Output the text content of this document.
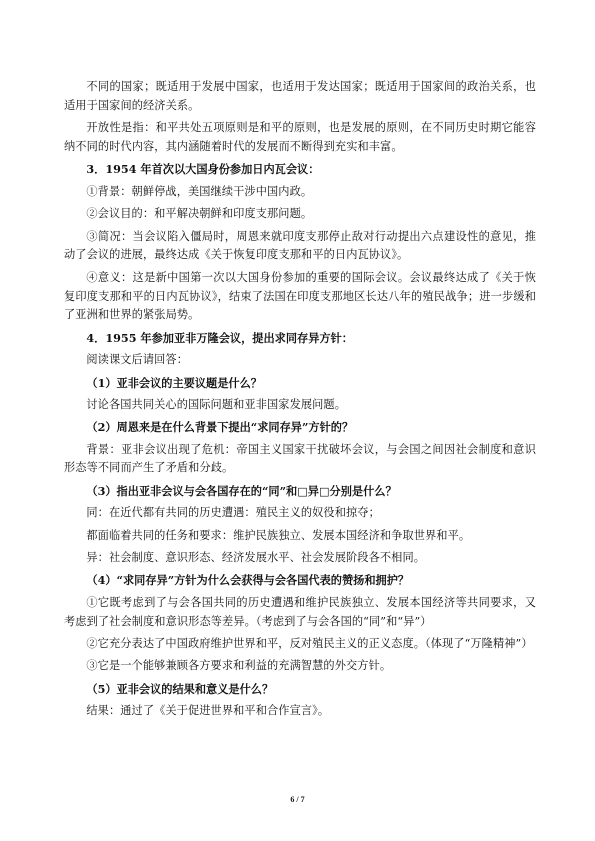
不同的国家；既适用于发展中国家，也适用于发达国家；既适用于国家间的政治关系，也适用于国家间的经济关系。

开放性是指：和平共处五项原则是和平的原则，也是发展的原则，在不同历史时期它能容纳不同的时代内容，其内涵随着时代的发展而不断得到充实和丰富。

3．1954 年首次以大国身份参加日内瓦会议：

①背景：朝鲜停战，美国继续干涉中国内政。

②会议目的：和平解决朝鲜和印度支那问题。

③简况：当会议陷入僵局时，周恩来就印度支那停止敌对行动提出六点建设性的意见，推动了会议的进展，最终达成《关于恢复印度支那和平的日内瓦协议》。

④意义：这是新中国第一次以大国身份参加的重要的国际会议。会议最终达成了《关于恢复印度支那和平的日内瓦协议》，结束了法国在印度支那地区长达八年的殖民战争；进一步缓和了亚洲和世界的紧张局势。

4．1955 年参加亚非万隆会议，提出求同存异方针：

阅读课文后请回答：

（1）亚非会议的主要议题是什么？

讨论各国共同关心的国际问题和亚非国家发展问题。

（2）周恩来是在什么背景下提出“求同存异”方针的？

背景：亚非会议出现了危机：帝国主义国家干扰破坏会议，与会国之间因社会制度和意识形态等不同而产生了矛盾和分歧。

（3）指出亚非会议与会各国存在的“同”和□异□分别是什么？

同：在近代都有共同的历史遭遇：殖民主义的奴役和掠夺；

都面临着共同的任务和要求：维护民族独立、发展本国经济和争取世界和平。

异：社会制度、意识形态、经济发展水平、社会发展阶段各不相同。

（4）“求同存异”方针为什么会获得与会各国代表的赞扬和拥护？

①它既考虑到了与会各国共同的历史遭遇和维护民族独立、发展本国经济等共同要求，又考虑到了社会制度和意识形态等差异。（考虑到了与会各国的“同”和“异”）

②它充分表达了中国政府维护世界和平，反对殖民主义的正义态度。（体现了“万隆精神”）

③它是一个能够兼顾各方要求和利益的充满智慧的外交方针。

（5）亚非会议的结果和意义是什么？

结果：通过了《关于促进世界和平和合作宣言》。

6 / 7
